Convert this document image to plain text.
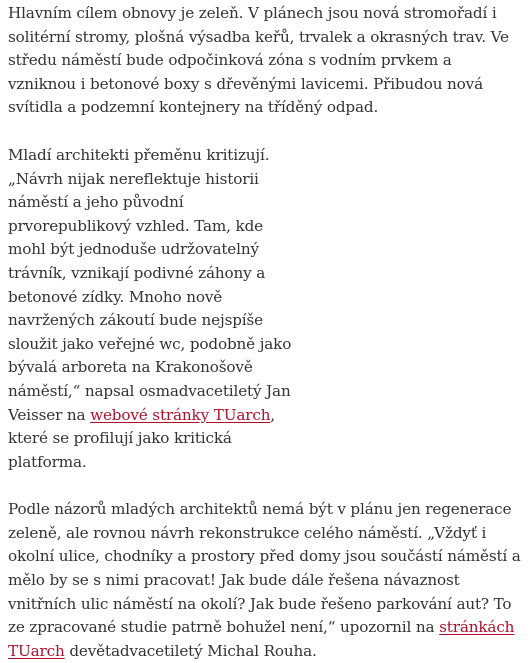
Hlavním cílem obnovy je zeleň. V plánech jsou nová stromořadí i
solitérní stromy, plošná výsadba keřů, trvalek a okrasných trav. Ve
středu náměstí bude odpočinková zóna s vodním prvkem a
vzniknou i betonové boxy s dřevěnými lavicemi. Přibudou nová
svítidla a podzemní kontejnery na tříděný odpad.

Mladí architekti přeměnu kritizují.
„Návrh nijak nereflektuje historii
náměstí a jeho původní
prvorepublikový vzhled. Tam, kde
mohl být jednoduše udržovatelný
trávník, vznikají podivné záhony a
betonové zídky. Mnoho nově
navržených zákoutí bude nejspíše
sloužit jako veřejné wc, podobně jako
bývalá arboreta na Krakonošově
náměstí,“ napsal osmadvacetiletý Jan
Veisser na webové stránky TUarch,
které se profilují jako kritická
platforma.

Podle názorů mladých architektů nemá být v plánu jen regenerace
zeleně, ale rovnou návrh rekonstrukce celého náměstí. „Vždyť i
okolní ulice, chodníky a prostory před domy jsou součástí náměstí a
mělo by se s nimi pracovat! Jak bude dále řešena návaznost
vnitřních ulic náměstí na okolí? Jak bude řešeno parkování aut? To
ze zpracované studie patrně bohužel není,“ upozornil na stránkách
TUarch devětadvacetiletý Michal Rouha.
